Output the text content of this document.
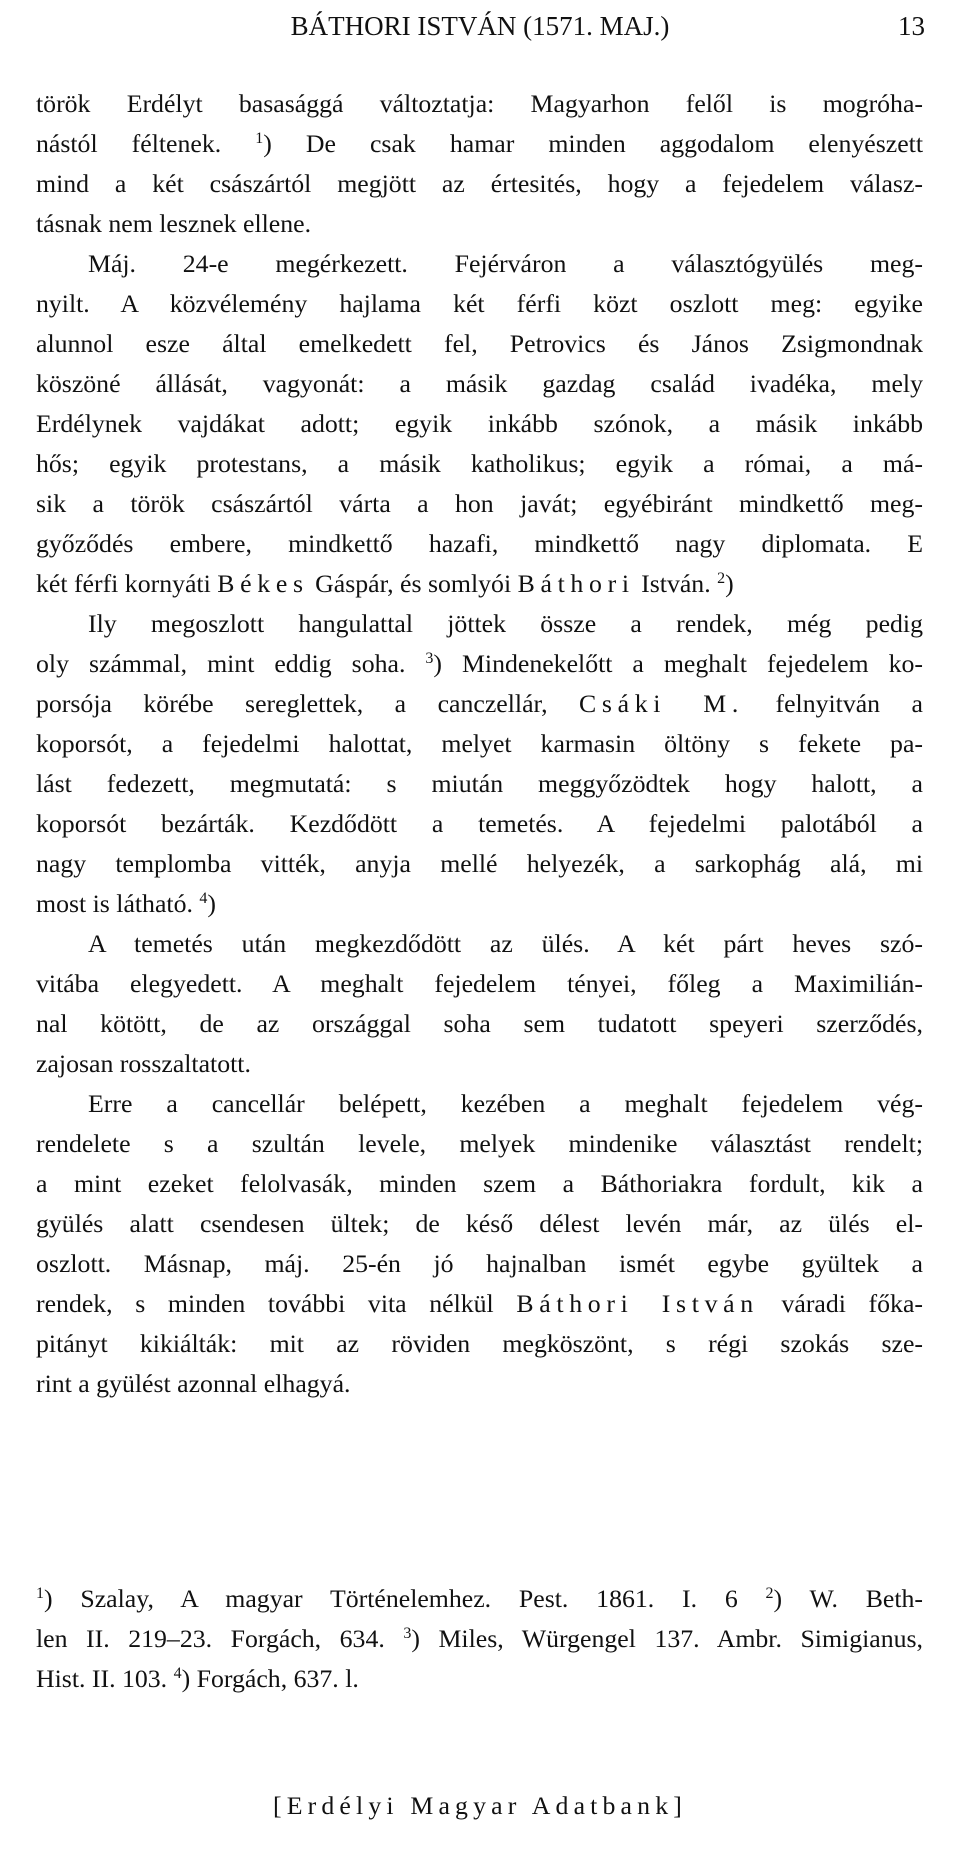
BÁTHORI ISTVÁN (1571. MAJ.)	13
török Erdélyt basasággá változtatja: Magyarhon felől is mogróha-
nástól féltenek. $^1$) De csak hamar minden aggodalom elenyészett
mind a két császártól megjött az értesités, hogy a fejedelem válasz-
tásnak nem lesznek ellene.
Máj. 24-e megérkezett. Fejérváron a választógyülés meg-
nyilt. A közvélemény hajlama két férfi közt oszlott meg: egyike
alunnol esze által emelkedett fel, Petrovics és János Zsigmondnak
köszöné állását, vagyonát: a másik gazdag család ivadéka, mely
Erdélynek vajdákat adott; egyik inkább szónok, a másik inkább
hős; egyik protestans, a másik katholikus; egyik a római, a má-
sik a török császártól várta a hon javát; egyébiránt mindkettő meg-
győződés embere, mindkettő hazafi, mindkettő nagy diplomata. E
két férfi kornyáti Békes Gáspár, és somlyói Báthori István. $^2$)
Ily megoszlott hangulattal jöttek össze a rendek, még pedig
oly számmal, mint eddig soha. $^3$) Mindenekelőtt a meghalt fejedelem ko-
porsója körébe sereglettek, a canczellár, Csáki M. felnyitván a
koporsót, a fejedelmi halottat, melyet karmasin öltöny s fekete pa-
lást fedezett, megmutatá: s miután meggyőzödtek hogy halott, a
koporsót bezárták. Kezdődött a temetés. A fejedelmi palotából a
nagy templomba vitték, anyja mellé helyezék, a sarkophág alá, mi
most is látható. $^4$)
A temetés után megkezdődött az ülés. A két párt heves szó-
vitába elegyedett. A meghalt fejedelem tényei, főleg a Maximilián-
nal kötött, de az országgal soha sem tudatott speyeri szerződés,
zajosan rosszaltatott.
Erre a cancellár belépett, kezében a meghalt fejedelem vég-
rendelete s a szultán levele, melyek mindenike választást rendelt;
a mint ezeket felolvasák, minden szem a Báthoriakra fordult, kik a
gyülés alatt csendesen ültek; de késő délest levén már, az ülés el-
oszlott. Másnap, máj. 25-én jó hajnalban ismét egybe gyültek a
rendek, s minden további vita nélkül Báthori István váradi főka-
pitányt kikiálták: mit az röviden megköszönt, s régi szokás sze-
rint a gyülést azonnal elhagyá.
$^1$) Szalay, A magyar Történelemhez. Pest. 1861. I. 6 $^2$) W. Beth-
len II. 219–23. Forgách, 634. $^3$) Miles, Würgengel 137. Ambr. Simigianus,
Hist. II. 103. $^4$) Forgách, 637. l.
[Erdélyi Magyar Adatbank]
